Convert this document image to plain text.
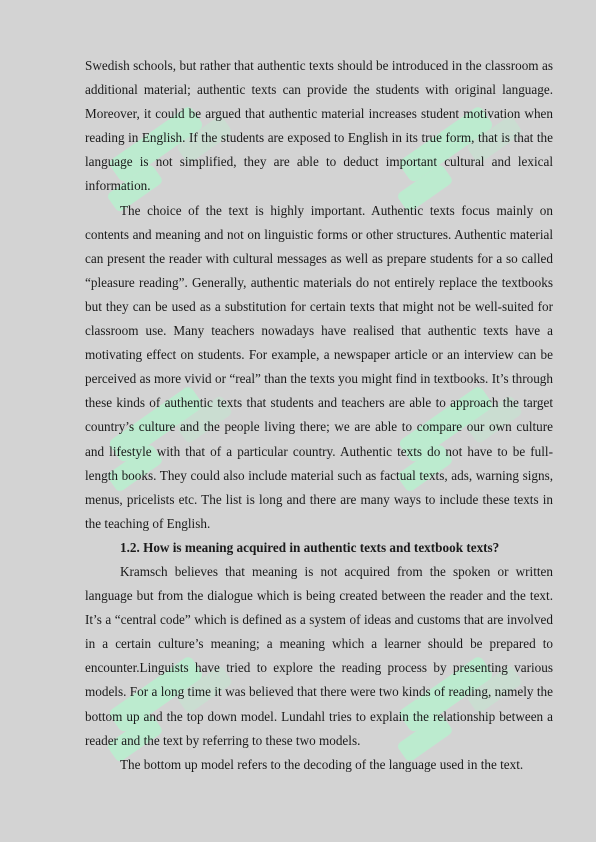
Swedish schools, but rather that authentic texts should be introduced in the classroom as additional material; authentic texts can provide the students with original language. Moreover, it could be argued that authentic material increases student motivation when reading in English. If the students are exposed to English in its true form, that is that the language is not simplified, they are able to deduct important cultural and lexical information.

The choice of the text is highly important. Authentic texts focus mainly on contents and meaning and not on linguistic forms or other structures. Authentic material can present the reader with cultural messages as well as prepare students for a so called “pleasure reading”. Generally, authentic materials do not entirely replace the textbooks but they can be used as a substitution for certain texts that might not be well-suited for classroom use. Many teachers nowadays have realised that authentic texts have a motivating effect on students. For example, a newspaper article or an interview can be perceived as more vivid or “real” than the texts you might find in textbooks. It’s through these kinds of authentic texts that students and teachers are able to approach the target country’s culture and the people living there; we are able to compare our own culture and lifestyle with that of a particular country. Authentic texts do not have to be full-length books. They could also include material such as factual texts, ads, warning signs, menus, pricelists etc. The list is long and there are many ways to include these texts in the teaching of English.

1.2. How is meaning acquired in authentic texts and textbook texts?

Kramsch believes that meaning is not acquired from the spoken or written language but from the dialogue which is being created between the reader and the text. It’s a “central code” which is defined as a system of ideas and customs that are involved in a certain culture’s meaning; a meaning which a learner should be prepared to encounter.Linguists have tried to explore the reading process by presenting various models. For a long time it was believed that there were two kinds of reading, namely the bottom up and the top down model. Lundahl tries to explain the relationship between a reader and the text by referring to these two models.

The bottom up model refers to the decoding of the language used in the text.
